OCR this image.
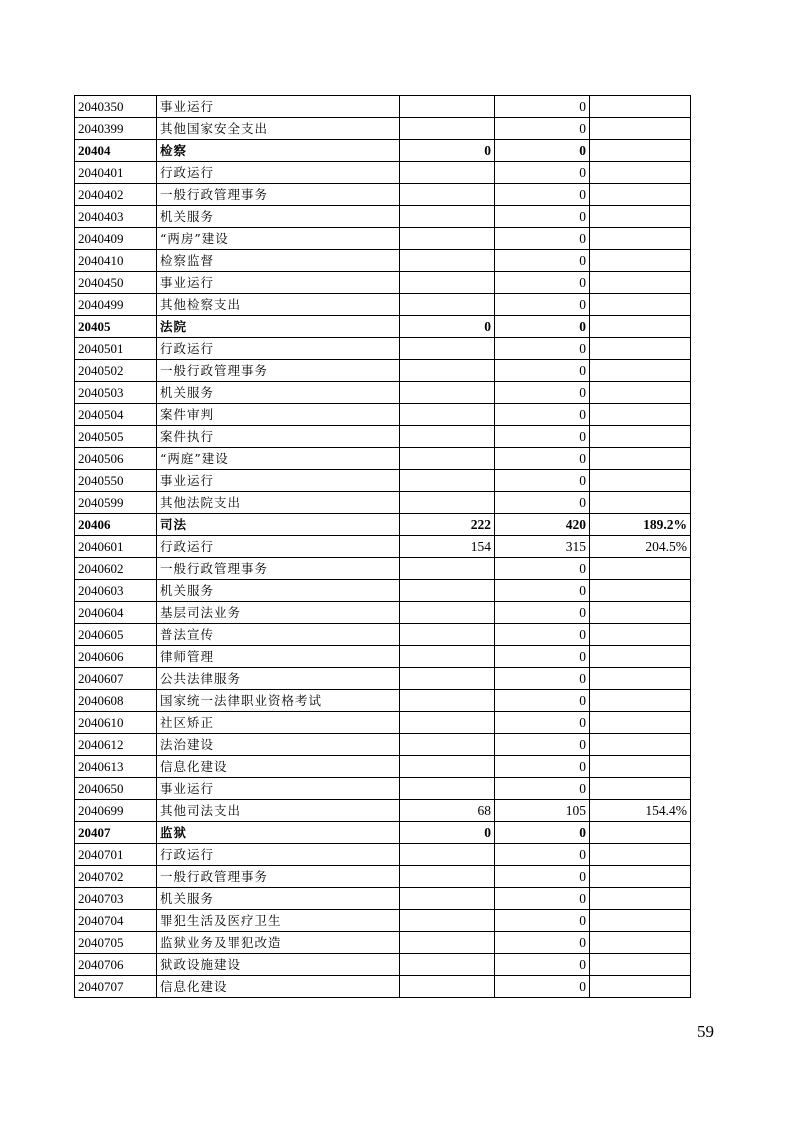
2040350	事业运行		0	
2040399	其他国家安全支出		0	
20404	检察	0	0	
2040401	行政运行		0	
2040402	一般行政管理事务		0	
2040403	机关服务		0	
2040409	“两房”建设		0	
2040410	检察监督		0	
2040450	事业运行		0	
2040499	其他检察支出		0	
20405	法院	0	0	
2040501	行政运行		0	
2040502	一般行政管理事务		0	
2040503	机关服务		0	
2040504	案件审判		0	
2040505	案件执行		0	
2040506	“两庭”建设		0	
2040550	事业运行		0	
2040599	其他法院支出		0	
20406	司法	222	420	189.2%
2040601	行政运行	154	315	204.5%
2040602	一般行政管理事务		0	
2040603	机关服务		0	
2040604	基层司法业务		0	
2040605	普法宣传		0	
2040606	律师管理		0	
2040607	公共法律服务		0	
2040608	国家统一法律职业资格考试		0	
2040610	社区矫正		0	
2040612	法治建设		0	
2040613	信息化建设		0	
2040650	事业运行		0	
2040699	其他司法支出	68	105	154.4%
20407	监狱	0	0	
2040701	行政运行		0	
2040702	一般行政管理事务		0	
2040703	机关服务		0	
2040704	罪犯生活及医疗卫生		0	
2040705	监狱业务及罪犯改造		0	
2040706	狱政设施建设		0	
2040707	信息化建设		0	
59
